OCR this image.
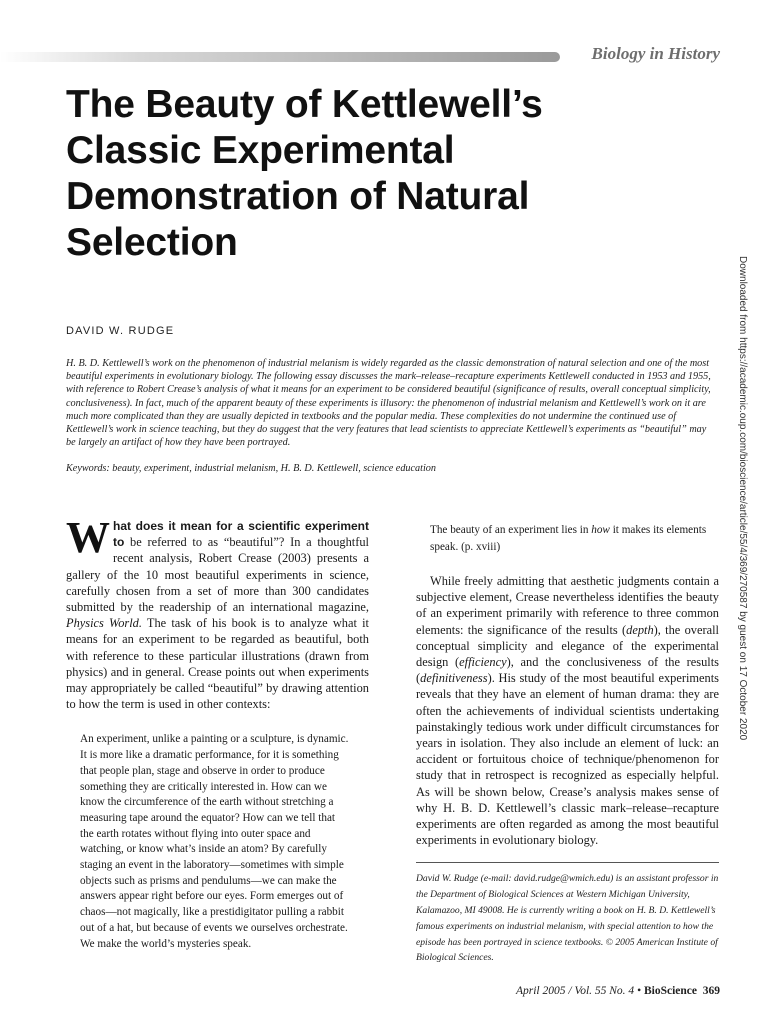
Biology in History
The Beauty of Kettlewell’s Classic Experimental Demonstration of Natural Selection
DAVID W. RUDGE

H. B. D. Kettlewell’s work on the phenomenon of industrial melanism is widely regarded as the classic demonstration of natural selection and one of the most beautiful experiments in evolutionary biology. The following essay discusses the mark–release–recapture experiments Kettlewell conducted in 1953 and 1955, with reference to Robert Crease’s analysis of what it means for an experiment to be considered beautiful (significance of results, overall conceptual simplicity, conclusiveness). In fact, much of the apparent beauty of these experiments is illusory: the phenomenon of industrial melanism and Kettlewell’s work on it are much more complicated than they are usually depicted in textbooks and the popular media. These complexities do not undermine the continued use of Kettlewell’s work in science teaching, but they do suggest that the very features that lead scientists to appreciate Kettlewell’s experiments as “beautiful” may be largely an artifact of how they have been portrayed.

Keywords: beauty, experiment, industrial melanism, H. B. D. Kettlewell, science education

What does it mean for a scientific experiment to be referred to as “beautiful”? In a thoughtful recent analysis, Robert Crease (2003) presents a gallery of the 10 most beautiful experiments in science, carefully chosen from a set of more than 300 candidates submitted by the readership of an international magazine, Physics World. The task of his book is to analyze what it means for an experiment to be regarded as beautiful, both with reference to these particular illustrations (drawn from physics) and in general. Crease points out when experiments may appropriately be called “beautiful” by drawing attention to how the term is used in other contexts:

An experiment, unlike a painting or a sculpture, is dynamic. It is more like a dramatic performance, for it is something that people plan, stage and observe in order to produce something they are critically interested in. How can we know the circumference of the earth without stretching a measuring tape around the equator? How can we tell that the earth rotates without flying into outer space and watching, or know what’s inside an atom? By carefully staging an event in the laboratory—sometimes with simple objects such as prisms and pendulums—we can make the answers appear right before our eyes. Form emerges out of chaos—not magically, like a prestidigitator pulling a rabbit out of a hat, but because of events we ourselves orchestrate. We make the world’s mysteries speak.

The beauty of an experiment lies in how it makes its elements speak. (p. xviii)

While freely admitting that aesthetic judgments contain a subjective element, Crease nevertheless identifies the beauty of an experiment primarily with reference to three common elements: the significance of the results (depth), the overall conceptual simplicity and elegance of the experimental design (efficiency), and the conclusiveness of the results (definitiveness). His study of the most beautiful experiments reveals that they have an element of human drama: they are often the achievements of individual scientists undertaking painstakingly tedious work under difficult circumstances for years in isolation. They also include an element of luck: an accident or fortuitous choice of technique/phenomenon for study that in retrospect is recognized as especially helpful. As will be shown below, Crease’s analysis makes sense of why H. B. D. Kettlewell’s classic mark–release–recapture experiments are often regarded as among the most beautiful experiments in evolutionary biology.

David W. Rudge (e-mail: david.rudge@wmich.edu) is an assistant professor in the Department of Biological Sciences at Western Michigan University, Kalamazoo, MI 49008. He is currently writing a book on H. B. D. Kettlewell’s famous experiments on industrial melanism, with special attention to how the episode has been portrayed in science textbooks. © 2005 American Institute of Biological Sciences.

Downloaded from https://academic.oup.com/bioscience/article/55/4/369/270587 by guest on 17 October 2020
April 2005 / Vol. 55 No. 4 • BioScience 369
